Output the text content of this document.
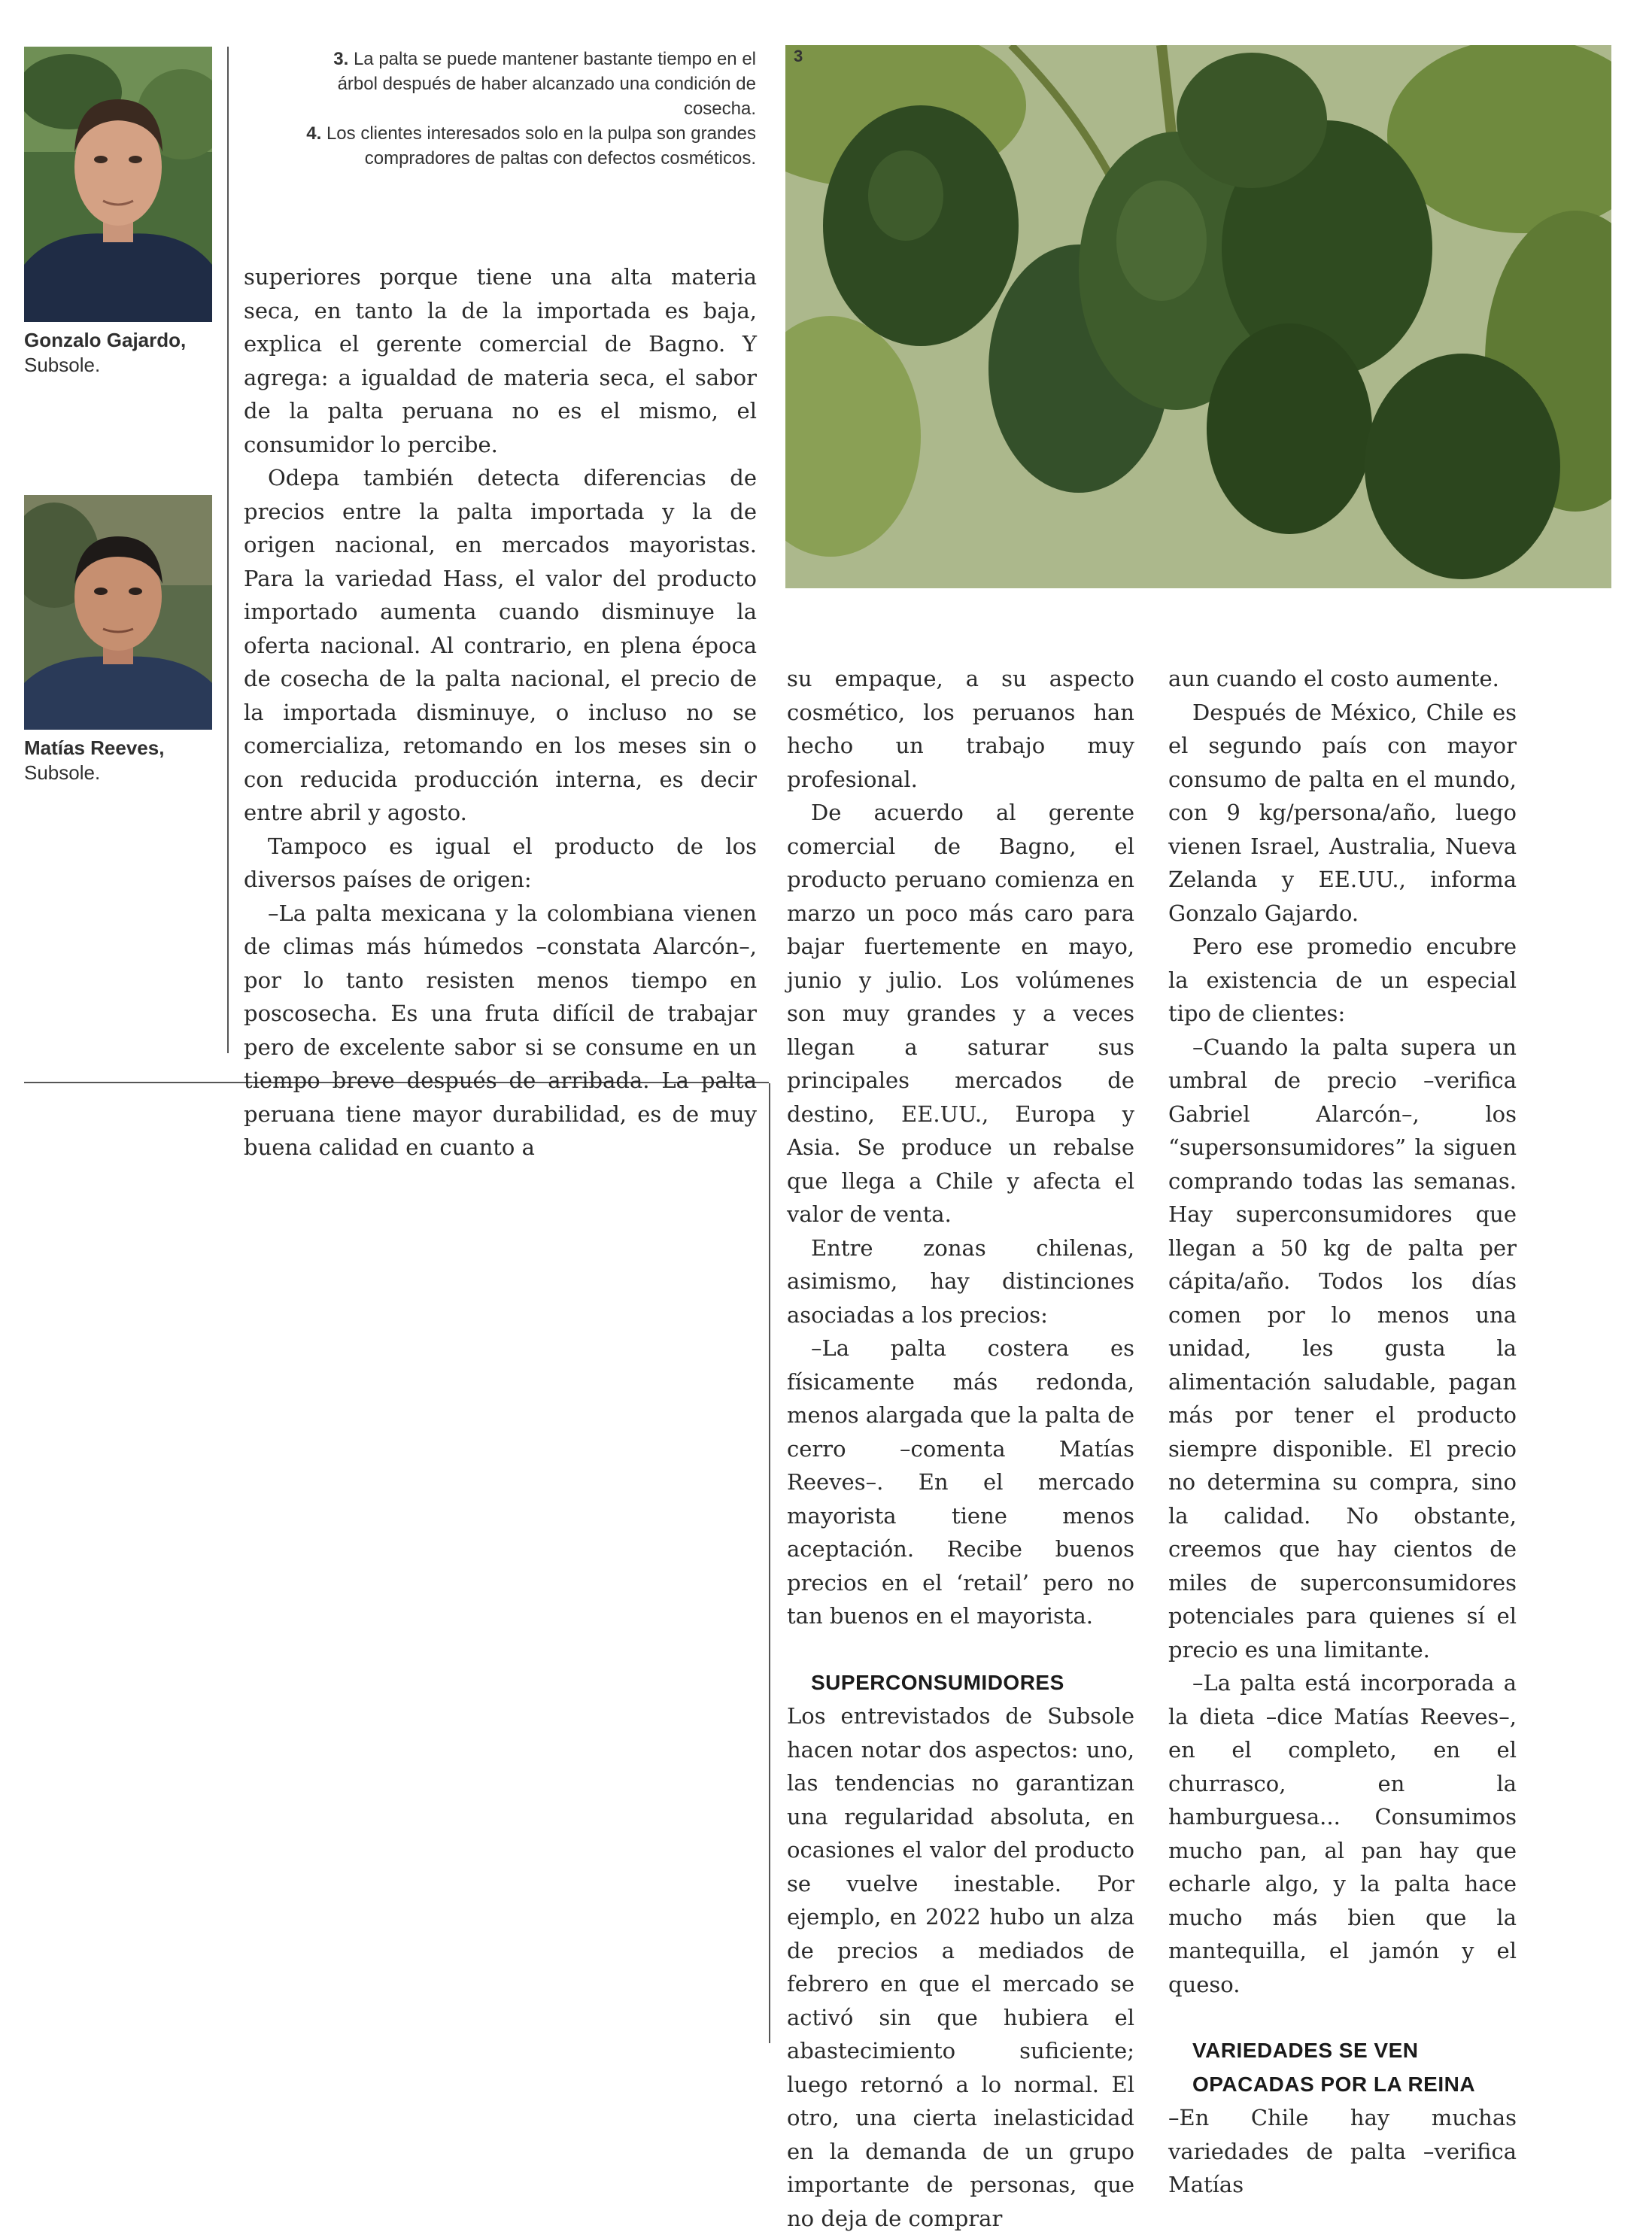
Gonzalo Gajardo,
Subsole.
Matías Reeves,
Subsole.

3. La palta se puede mantener bastante tiempo en el árbol después de haber alcanzado una condición de cosecha.

4. Los clientes interesados solo en la pulpa son grandes compradores de paltas con defectos cosméticos.

3

superiores porque tiene una alta materia seca, en tanto la de la importada es baja, explica el gerente comercial de Bagno. Y agrega: a igualdad de materia seca, el sabor de la palta peruana no es el mismo, el consumidor lo percibe.

Odepa también detecta diferencias de precios entre la palta importada y la de origen nacional, en mercados mayoristas. Para la variedad Hass, el valor del producto importado aumenta cuando disminuye la oferta nacional. Al contrario, en plena época de cosecha de la palta nacional, el precio de la importada disminuye, o incluso no se comercializa, retomando en los meses sin o con reducida producción interna, es decir entre abril y agosto.

Tampoco es igual el producto de los diversos países de origen:

–La palta mexicana y la colombiana vienen de climas más húmedos –constata Alarcón–, por lo tanto resisten menos tiempo en poscosecha. Es una fruta difícil de trabajar pero de excelente sabor si se consume en un tiempo breve después de arribada. La palta peruana tiene mayor durabilidad, es de muy buena calidad en cuanto a

su empaque, a su aspecto cosmético, los peruanos han hecho un trabajo muy profesional.

De acuerdo al gerente comercial de Bagno, el producto peruano comienza en marzo un poco más caro para bajar fuertemente en mayo, junio y julio. Los volúmenes son muy grandes y a veces llegan a saturar sus principales mercados de destino, EE.UU., Europa y Asia. Se produce un rebalse que llega a Chile y afecta el valor de venta.

Entre zonas chilenas, asimismo, hay distinciones asociadas a los precios:

–La palta costera es físicamente más redonda, menos alargada que la palta de cerro –comenta Matías Reeves–. En el mercado mayorista tiene menos aceptación. Recibe buenos precios en el ‘retail’ pero no tan buenos en el mayorista.

SUPERCONSUMIDORES

Los entrevistados de Subsole hacen notar dos aspectos: uno, las tendencias no garantizan una regularidad absoluta, en ocasiones el valor del producto se vuelve inestable. Por ejemplo, en 2022 hubo un alza de precios a mediados de febrero en que el mercado se activó sin que hubiera el abastecimiento suficiente; luego retornó a lo normal. El otro, una cierta inelasticidad en la demanda de un grupo importante de personas, que no deja de comprar

aun cuando el costo aumente.

Después de México, Chile es el segundo país con mayor consumo de palta en el mundo, con 9 kg/persona/año, luego vienen Israel, Australia, Nueva Zelanda y EE.UU., informa Gonzalo Gajardo.

Pero ese promedio encubre la existencia de un especial tipo de clientes:

–Cuando la palta supera un umbral de precio –verifica Gabriel Alarcón–, los “supersonsumidores” la siguen comprando todas las semanas. Hay superconsumidores que llegan a 50 kg de palta per cápita/año. Todos los días comen por lo menos una unidad, les gusta la alimentación saludable, pagan más por tener el producto siempre disponible. El precio no determina su compra, sino la calidad. No obstante, creemos que hay cientos de miles de superconsumidores potenciales para quienes sí el precio es una limitante.

–La palta está incorporada a la dieta –dice Matías Reeves–, en el completo, en el churrasco, en la hamburguesa... Consumimos mucho pan, al pan hay que echarle algo, y la palta hace mucho más bien que la mantequilla, el jamón y el queso.

VARIEDADES SE VEN

OPACADAS POR LA REINA

–En Chile hay muchas variedades de palta –verifica Matías
